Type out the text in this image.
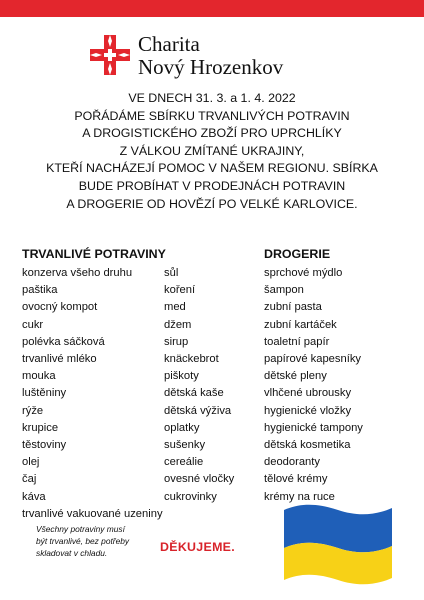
Charita
Nový Hrozenkov
VE DNECH 31. 3. a 1. 4. 2022
POŘÁDÁME SBÍRKU TRVANLIVÝCH POTRAVIN
A DROGISTICKÉHO ZBOŽÍ PRO UPRCHLÍKY
Z VÁLKOU ZMÍTANÉ UKRAJINY,
KTEŘÍ NACHÁZEJÍ POMOC V NAŠEM REGIONU. SBÍRKA
BUDE PROBÍHAT V PRODEJNÁCH POTRAVIN
A DROGERIE OD HOVĚZÍ PO VELKÉ KARLOVICE.
TRVANLIVÉ POTRAVINY	DROGERIE
konzerva všeho druhu
paštika
ovocný kompot
cukr
polévka sáčková
trvanlivé mléko
mouka
luštěniny
rýže
krupice
těstoviny
olej
čaj
káva
trvanlivé vakuované uzeniny
sůl
koření
med
džem
sirup
knäckebrot
piškoty
dětská kaše
dětská výživa
oplatky
sušenky
cereálie
ovesné vločky
cukrovinky
sprchové mýdlo
šampon
zubní pasta
zubní kartáček
toaletní papír
papírové kapesníky
dětské pleny
vlhčené ubrousky
hygienické vložky
hygienické tampony
dětská kosmetika
deodoranty
tělové krémy
krémy na ruce
Všechny potraviny musí
být trvanlivé, bez potřeby
skladovat v chladu.	DĚKUJEME.
